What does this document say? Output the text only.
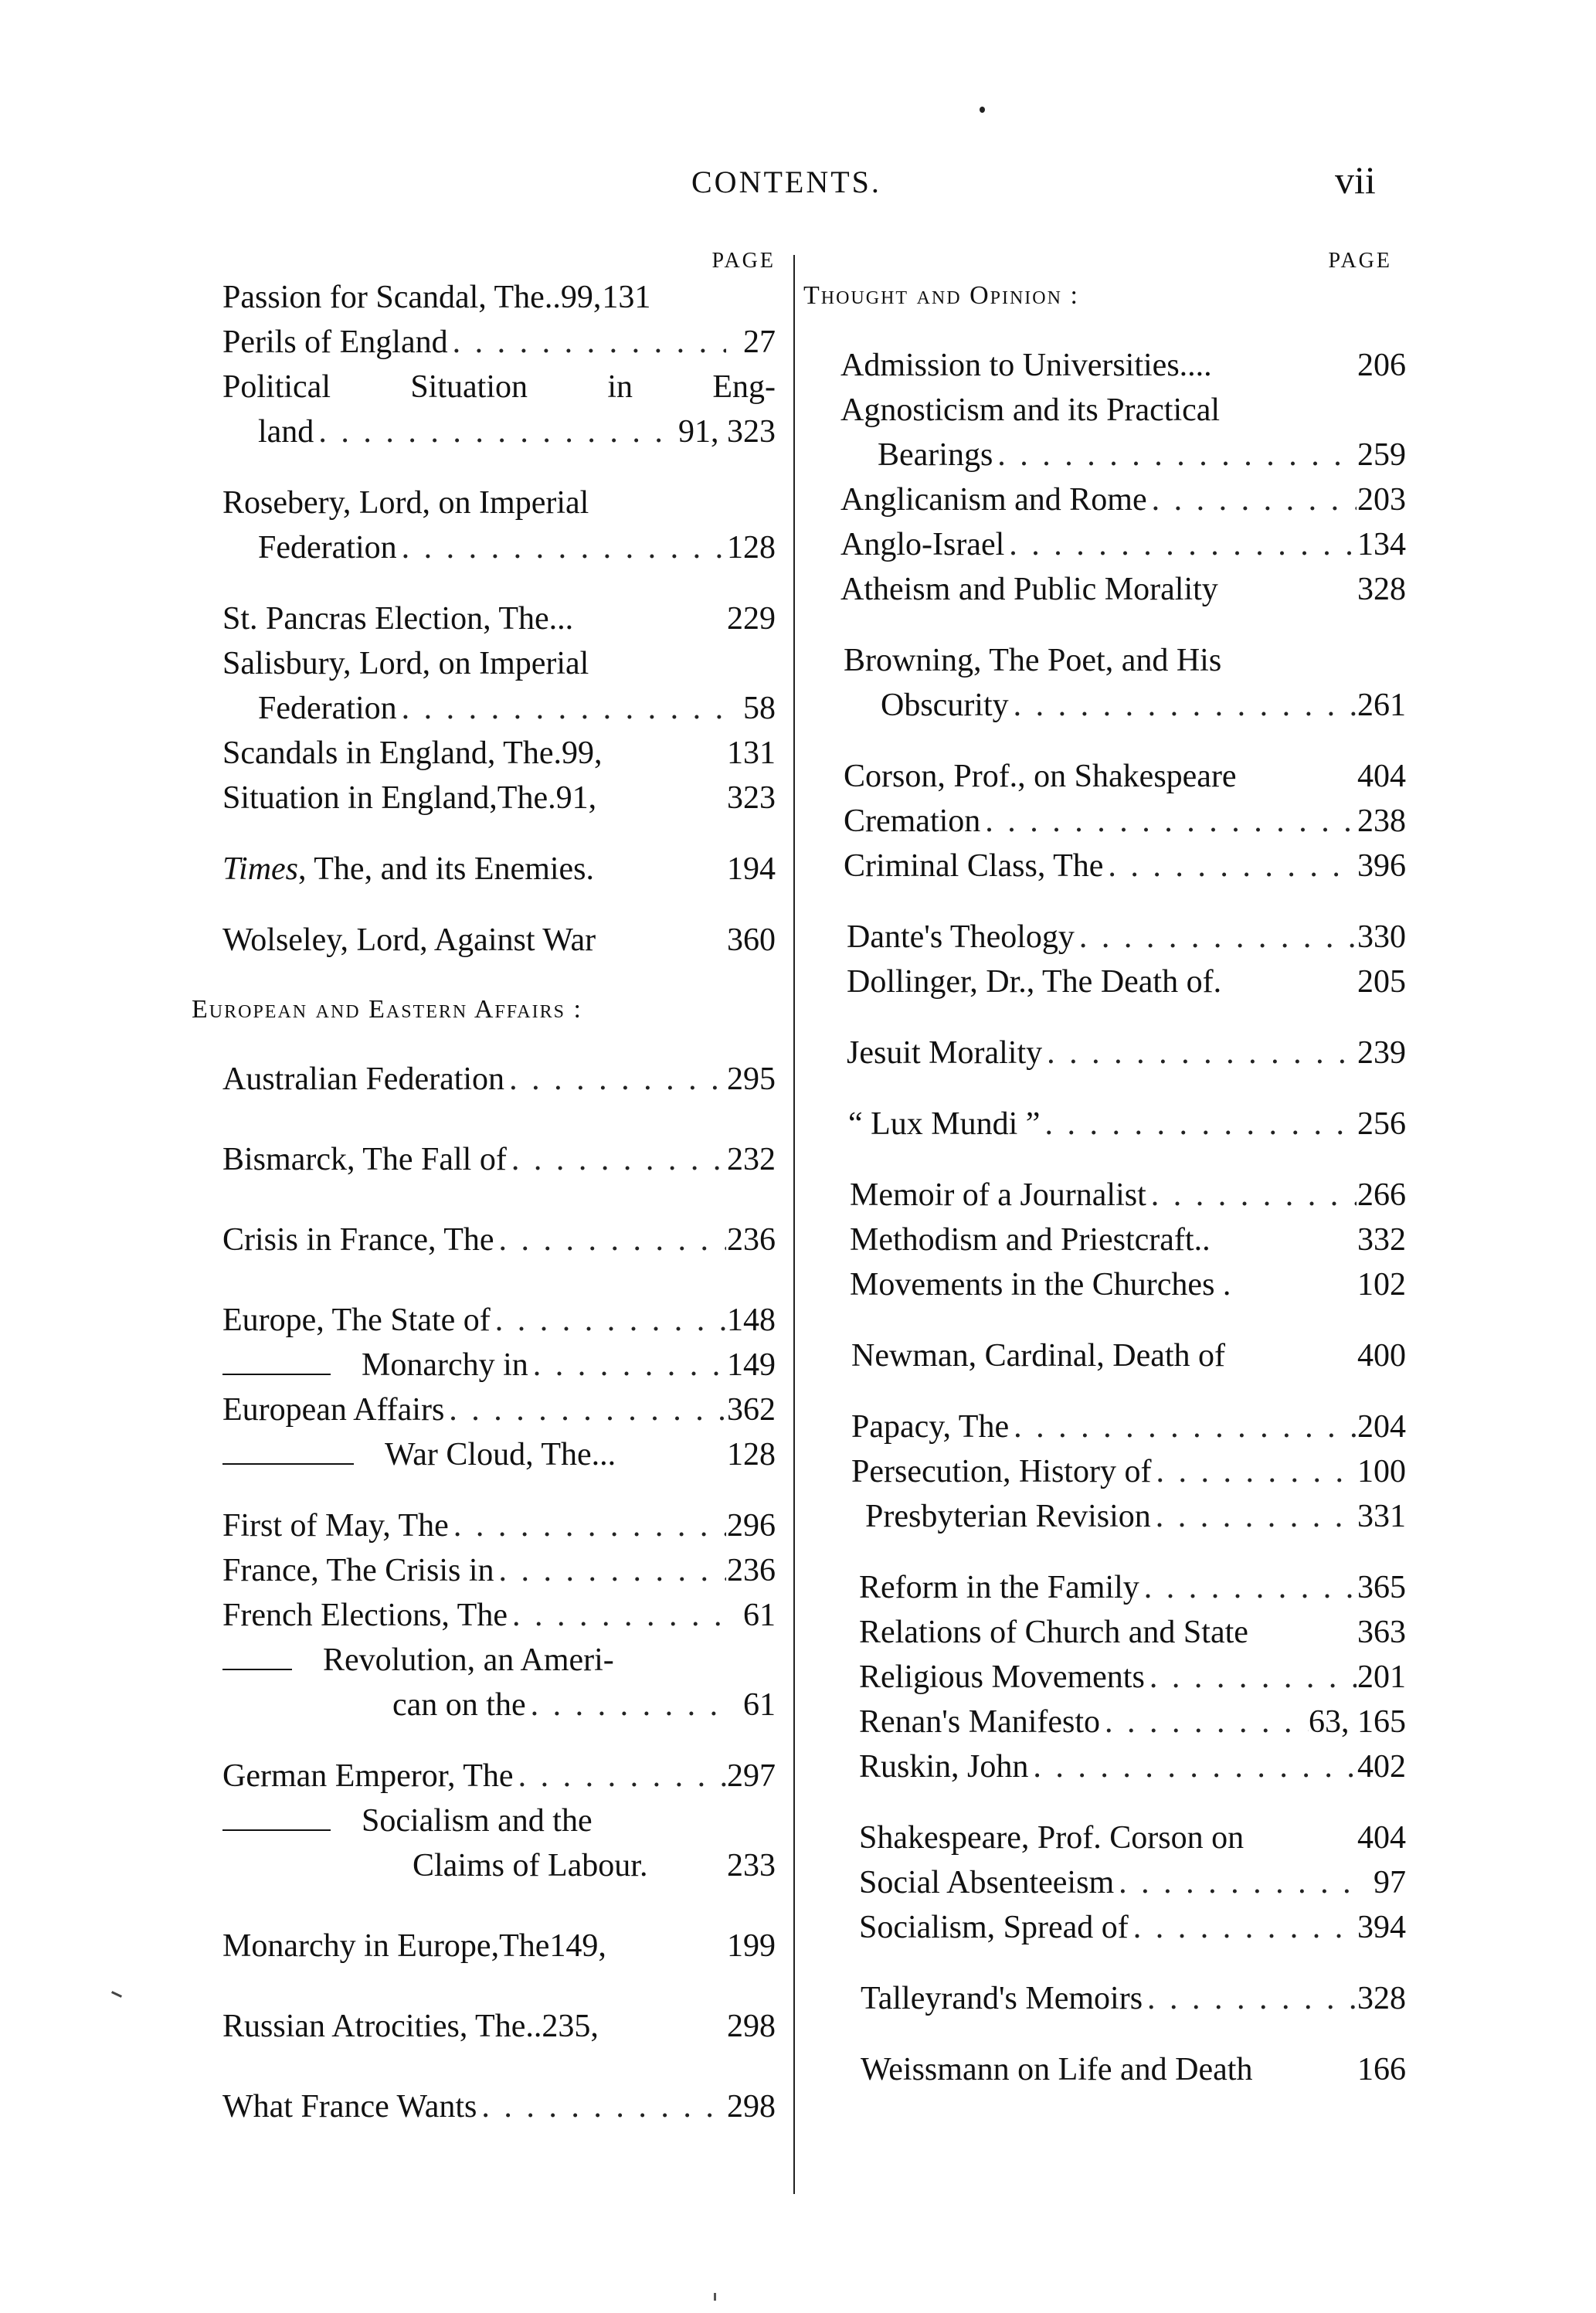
CONTENTS.	vii
PAGE
Passion for Scandal, The..99, 131
Perils of England . . .	27
Political Situation in Eng-
land . . .	91, 323
Rosebery, Lord, on Imperial
Federation . . .	128
St. Pancras Election, The...	229
Salisbury, Lord, on Imperial
Federation . . .	58
Scandals in England, The.99,	131
Situation in England,The.91,	323
Times, The, and its Enemies.	194
Wolseley, Lord, Against War	360
European and Eastern Affairs :
Australian Federation . . .	295
Bismarck, The Fall of . . .	232
Crisis in France, The . . .	236
Europe, The State of . . .	148
Monarchy in . . .	149
European Affairs . . .	362
War Cloud, The...	128
First of May, The . . .	296
France, The Crisis in . . .	236
French Elections, The . . .	61
Revolution, an Ameri-
can on the . . .	61
German Emperor, The . . .	297
Socialism and the
Claims of Labour. 233
Monarchy in Europe,The149,	199
Russian Atrocities, The..235,	298
What France Wants . . .	298
PAGE
Thought and Opinion :
Admission to Universities....	206
Agnosticism and its Practical
Bearings . . .	259
Anglicanism and Rome . . .	203
Anglo-Israel . . .	134
Atheism and Public Morality	328
Browning, The Poet, and His
Obscurity . . .	261
Corson, Prof., on Shakespeare	404
Cremation . . .	238
Criminal Class, The . . .	396
Dante's Theology . . .	330
Dollinger, Dr., The Death of.	205
Jesuit Morality . . .	239
“ Lux Mundi ” . . .	256
Memoir of a Journalist . . .	266
Methodism and Priestcraft..	332
Movements in the Churches .	102
Newman, Cardinal, Death of	400
Papacy, The . . .	204
Persecution, History of . . .	100
Presbyterian Revision . . .	331
Reform in the Family . . .	365
Relations of Church and State	363
Religious Movements . . .	201
Renan's Manifesto . . .	63, 165
Ruskin, John . . .	402
Shakespeare, Prof. Corson on	404
Social Absenteeism . . .	97
Socialism, Spread of . . .	394
Talleyrand's Memoirs . . .	328
Weissmann on Life and Death	166
